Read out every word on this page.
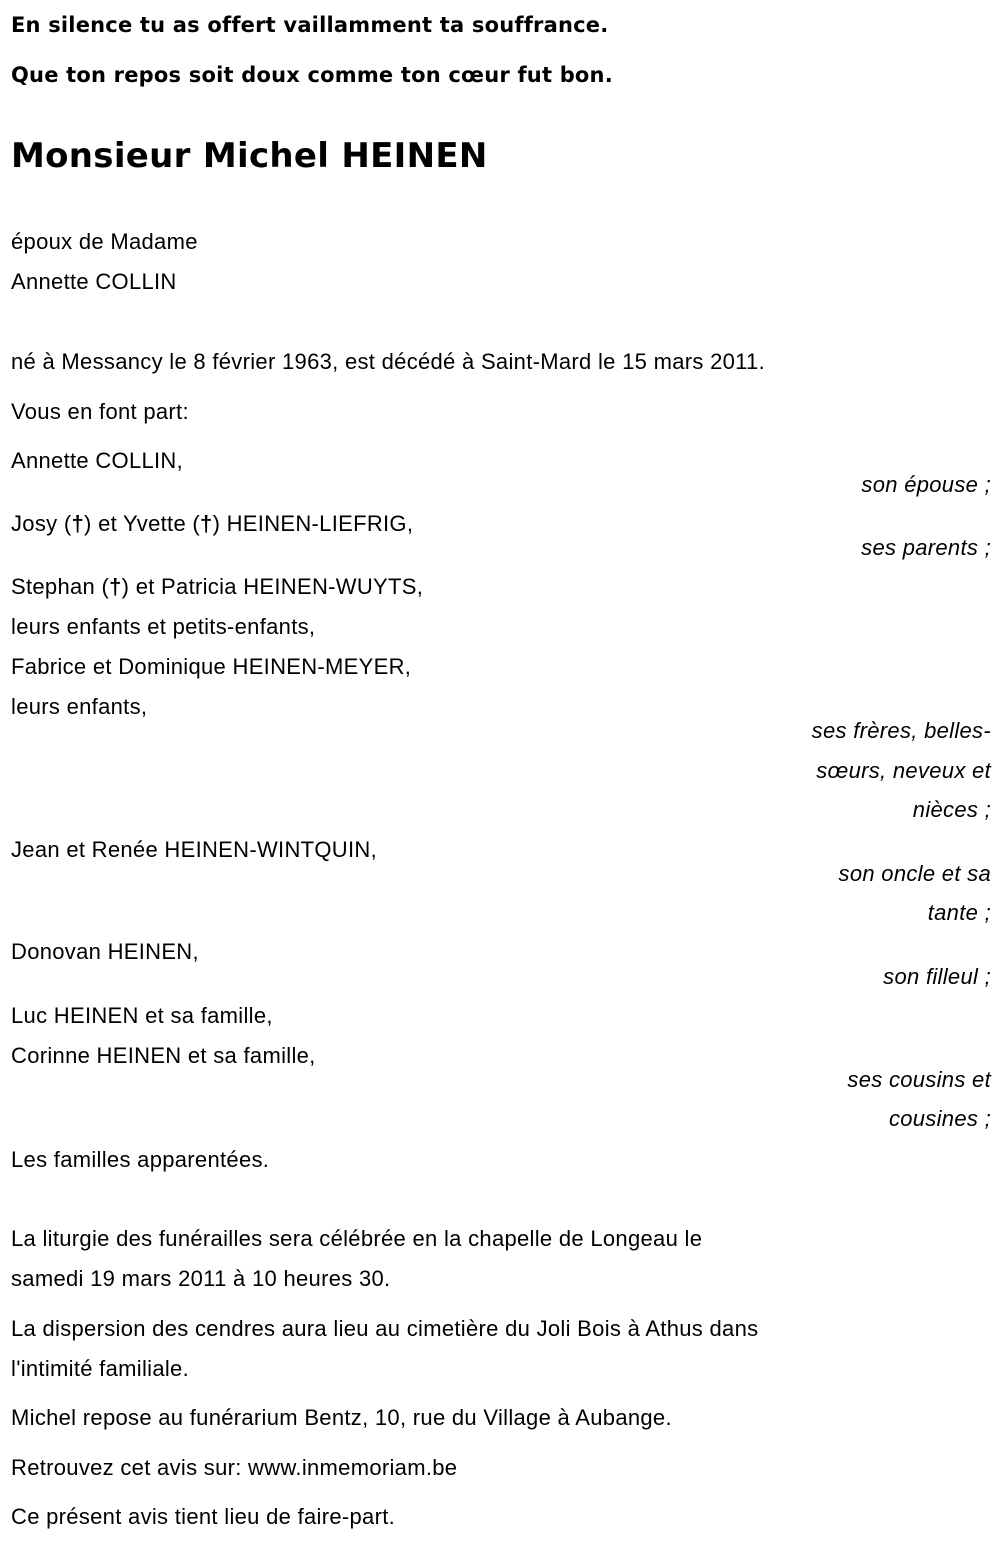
En silence tu as offert vaillamment ta souffrance.

Que ton repos soit doux comme ton cœur fut bon.

Monsieur Michel HEINEN

époux de Madame

Annette COLLIN

né à Messancy le 8 février 1963, est décédé à Saint-Mard le 15 mars 2011.

Vous en font part:

Annette COLLIN,

son épouse ;

Josy (†) et Yvette (†) HEINEN-LIEFRIG,

ses parents ;

Stephan (†) et Patricia HEINEN-WUYTS,

leurs enfants et petits-enfants,

Fabrice et Dominique HEINEN-MEYER,

leurs enfants,

ses frères, belles-

sœurs, neveux et

nièces ;

Jean et Renée HEINEN-WINTQUIN,

son oncle et sa

tante ;

Donovan HEINEN,

son filleul ;

Luc HEINEN et sa famille,

Corinne HEINEN et sa famille,

ses cousins et

cousines ;

Les familles apparentées.

La liturgie des funérailles sera célébrée en la chapelle de Longeau le

samedi 19 mars 2011 à 10 heures 30.

La dispersion des cendres aura lieu au cimetière du Joli Bois à Athus dans

l'intimité familiale.

Michel repose au funérarium Bentz, 10, rue du Village à Aubange.

Retrouvez cet avis sur: www.inmemoriam.be

Ce présent avis tient lieu de faire-part.
